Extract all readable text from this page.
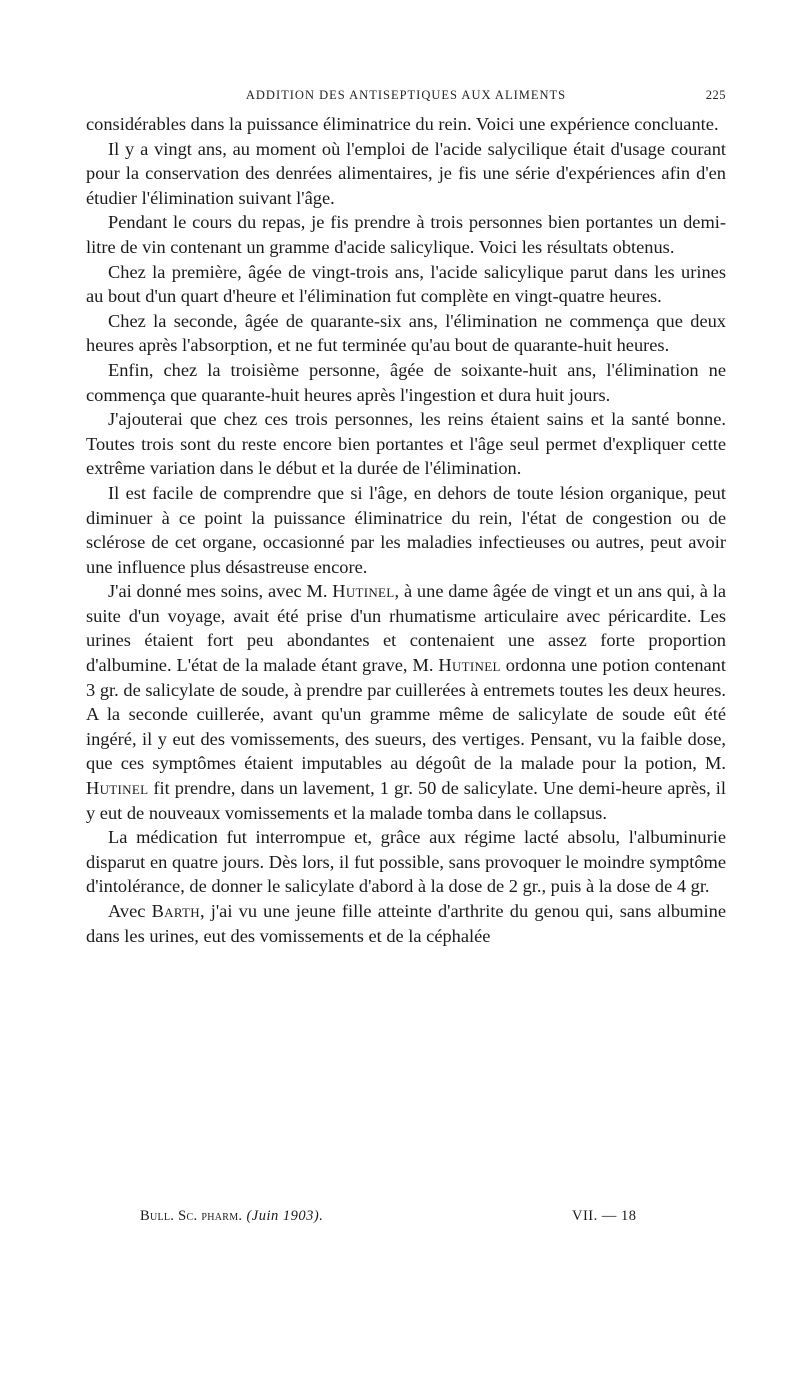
ADDITION DES ANTISEPTIQUES AUX ALIMENTS	225

considérables dans la puissance éliminatrice du rein. Voici une expérience concluante.

Il y a vingt ans, au moment où l'emploi de l'acide salycilique était d'usage courant pour la conservation des denrées alimentaires, je fis une série d'expériences afin d'en étudier l'élimination suivant l'âge.

Pendant le cours du repas, je fis prendre à trois personnes bien portantes un demi-litre de vin contenant un gramme d'acide salicylique. Voici les résultats obtenus.

Chez la première, âgée de vingt-trois ans, l'acide salicylique parut dans les urines au bout d'un quart d'heure et l'élimination fut complète en vingt-quatre heures.

Chez la seconde, âgée de quarante-six ans, l'élimination ne commença que deux heures après l'absorption, et ne fut terminée qu'au bout de quarante-huit heures.

Enfin, chez la troisième personne, âgée de soixante-huit ans, l'élimination ne commença que quarante-huit heures après l'ingestion et dura huit jours.

J'ajouterai que chez ces trois personnes, les reins étaient sains et la santé bonne. Toutes trois sont du reste encore bien portantes et l'âge seul permet d'expliquer cette extrême variation dans le début et la durée de l'élimination.

Il est facile de comprendre que si l'âge, en dehors de toute lésion organique, peut diminuer à ce point la puissance éliminatrice du rein, l'état de congestion ou de sclérose de cet organe, occasionné par les maladies infectieuses ou autres, peut avoir une influence plus désastreuse encore.

J'ai donné mes soins, avec M. Hutinel, à une dame âgée de vingt et un ans qui, à la suite d'un voyage, avait été prise d'un rhumatisme articulaire avec péricardite. Les urines étaient fort peu abondantes et contenaient une assez forte proportion d'albumine. L'état de la malade étant grave, M. Hutinel ordonna une potion contenant 3 gr. de salicylate de soude, à prendre par cuillerées à entremets toutes les deux heures. A la seconde cuillerée, avant qu'un gramme même de salicylate de soude eût été ingéré, il y eut des vomissements, des sueurs, des vertiges. Pensant, vu la faible dose, que ces symptômes étaient imputables au dégoût de la malade pour la potion, M. Hutinel fit prendre, dans un lavement, 1 gr. 50 de salicylate. Une demi-heure après, il y eut de nouveaux vomissements et la malade tomba dans le collapsus.

La médication fut interrompue et, grâce aux régime lacté absolu, l'albuminurie disparut en quatre jours. Dès lors, il fut possible, sans provoquer le moindre symptôme d'intolérance, de donner le salicylate d'abord à la dose de 2 gr., puis à la dose de 4 gr.

Avec Barth, j'ai vu une jeune fille atteinte d'arthrite du genou qui, sans albumine dans les urines, eut des vomissements et de la céphalée

Bull. Sc. pharm. (Juin 1903).	VII. — 18
